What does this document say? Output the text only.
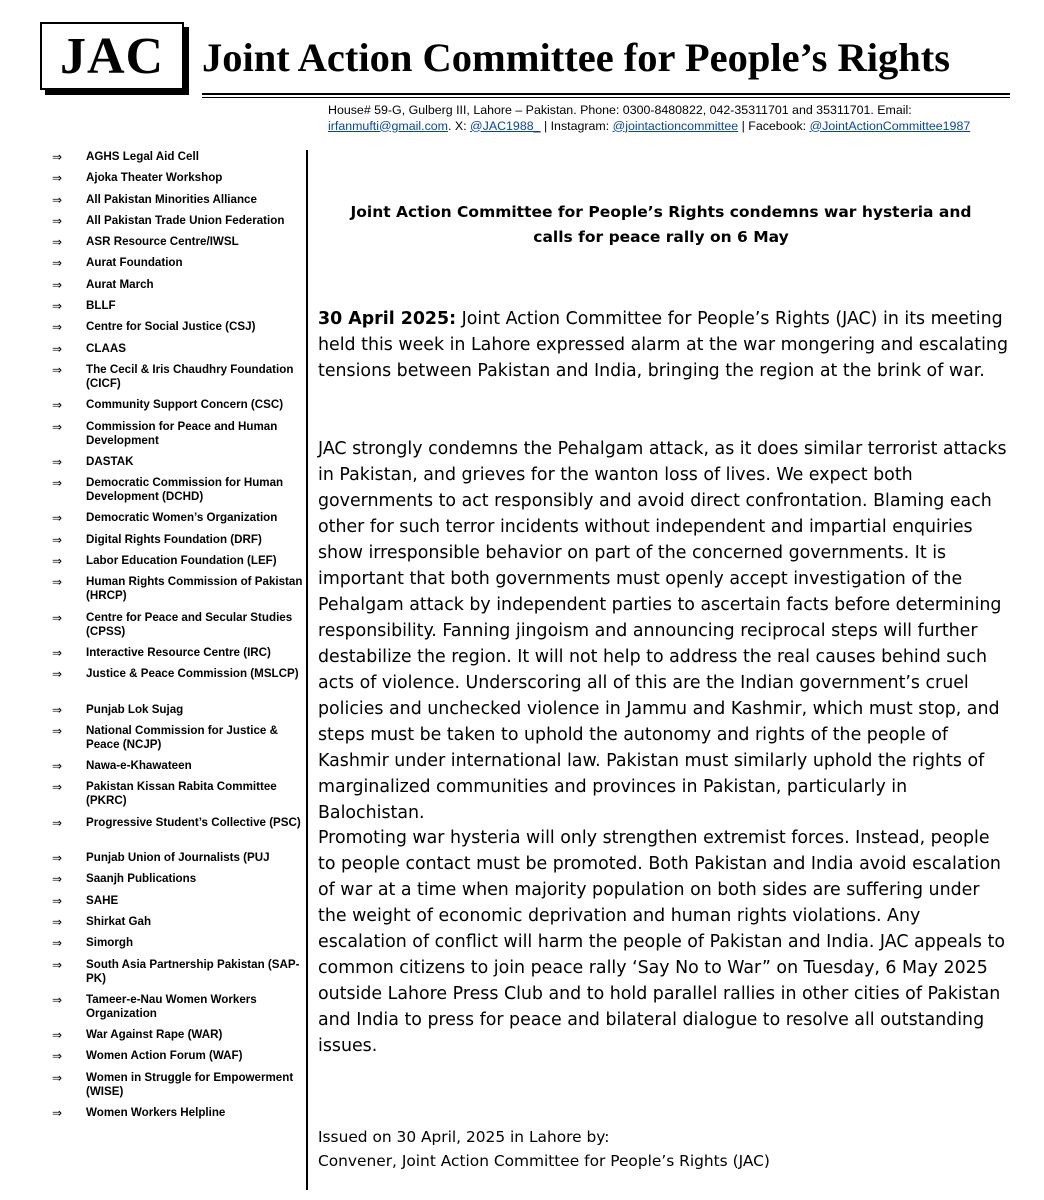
JAC Joint Action Committee for People’s Rights
House# 59-G, Gulberg III, Lahore – Pakistan. Phone: 0300-8480822, 042-35311701 and 35311701. Email: irfanmufti@gmail.com. X: @JAC1988_ | Instagram: @jointactioncommittee | Facebook: @JointActionCommittee1987
⇒	AGHS Legal Aid Cell
⇒	Ajoka Theater Workshop
⇒	All Pakistan Minorities Alliance
⇒	All Pakistan Trade Union Federation
⇒	ASR Resource Centre/IWSL
⇒	Aurat Foundation
⇒	Aurat March
⇒	BLLF
⇒	Centre for Social Justice (CSJ)
⇒	CLAAS
⇒	The Cecil & Iris Chaudhry Foundation (CICF)
⇒	Community Support Concern (CSC)
⇒	Commission for Peace and Human Development
⇒	DASTAK
⇒	Democratic Commission for Human Development (DCHD)
⇒	Democratic Women’s Organization
⇒	Digital Rights Foundation (DRF)
⇒	Labor Education Foundation (LEF)
⇒	Human Rights Commission of Pakistan (HRCP)
⇒	Centre for Peace and Secular Studies (CPSS)
⇒	Interactive Resource Centre (IRC)
⇒	Justice & Peace Commission (MSLCP)
⇒	Punjab Lok Sujag
⇒	National Commission for Justice & Peace (NCJP)
⇒	Nawa-e-Khawateen
⇒	Pakistan Kissan Rabita Committee (PKRC)
⇒	Progressive Student’s Collective (PSC)
⇒	Punjab Union of Journalists (PUJ
⇒	Saanjh Publications
⇒	SAHE
⇒	Shirkat Gah
⇒	Simorgh
⇒	South Asia Partnership Pakistan (SAP-PK)
⇒	Tameer-e-Nau Women Workers Organization
⇒	War Against Rape (WAR)
⇒	Women Action Forum (WAF)
⇒	Women in Struggle for Empowerment (WISE)
⇒	Women Workers Helpline
Joint Action Committee for People’s Rights condemns war hysteria and calls for peace rally on 6 May

30 April 2025: Joint Action Committee for People’s Rights (JAC) in its meeting held this week in Lahore expressed alarm at the war mongering and escalating tensions between Pakistan and India, bringing the region at the brink of war.

JAC strongly condemns the Pehalgam attack, as it does similar terrorist attacks in Pakistan, and grieves for the wanton loss of lives. We expect both governments to act responsibly and avoid direct confrontation. Blaming each other for such terror incidents without independent and impartial enquiries show irresponsible behavior on part of the concerned governments. It is important that both governments must openly accept investigation of the Pehalgam attack by independent parties to ascertain facts before determining responsibility. Fanning jingoism and announcing reciprocal steps will further destabilize the region. It will not help to address the real causes behind such acts of violence. Underscoring all of this are the Indian government’s cruel policies and unchecked violence in Jammu and Kashmir, which must stop, and steps must be taken to uphold the autonomy and rights of the people of Kashmir under international law. Pakistan must similarly uphold the rights of marginalized communities and provinces in Pakistan, particularly in Balochistan.

Promoting war hysteria will only strengthen extremist forces. Instead, people to people contact must be promoted. Both Pakistan and India avoid escalation of war at a time when majority population on both sides are suffering under the weight of economic deprivation and human rights violations. Any escalation of conflict will harm the people of Pakistan and India. JAC appeals to common citizens to join peace rally ‘Say No to War” on Tuesday, 6 May 2025 outside Lahore Press Club and to hold parallel rallies in other cities of Pakistan and India to press for peace and bilateral dialogue to resolve all outstanding issues.

Issued on 30 April, 2025 in Lahore by:
Convener, Joint Action Committee for People’s Rights (JAC)
